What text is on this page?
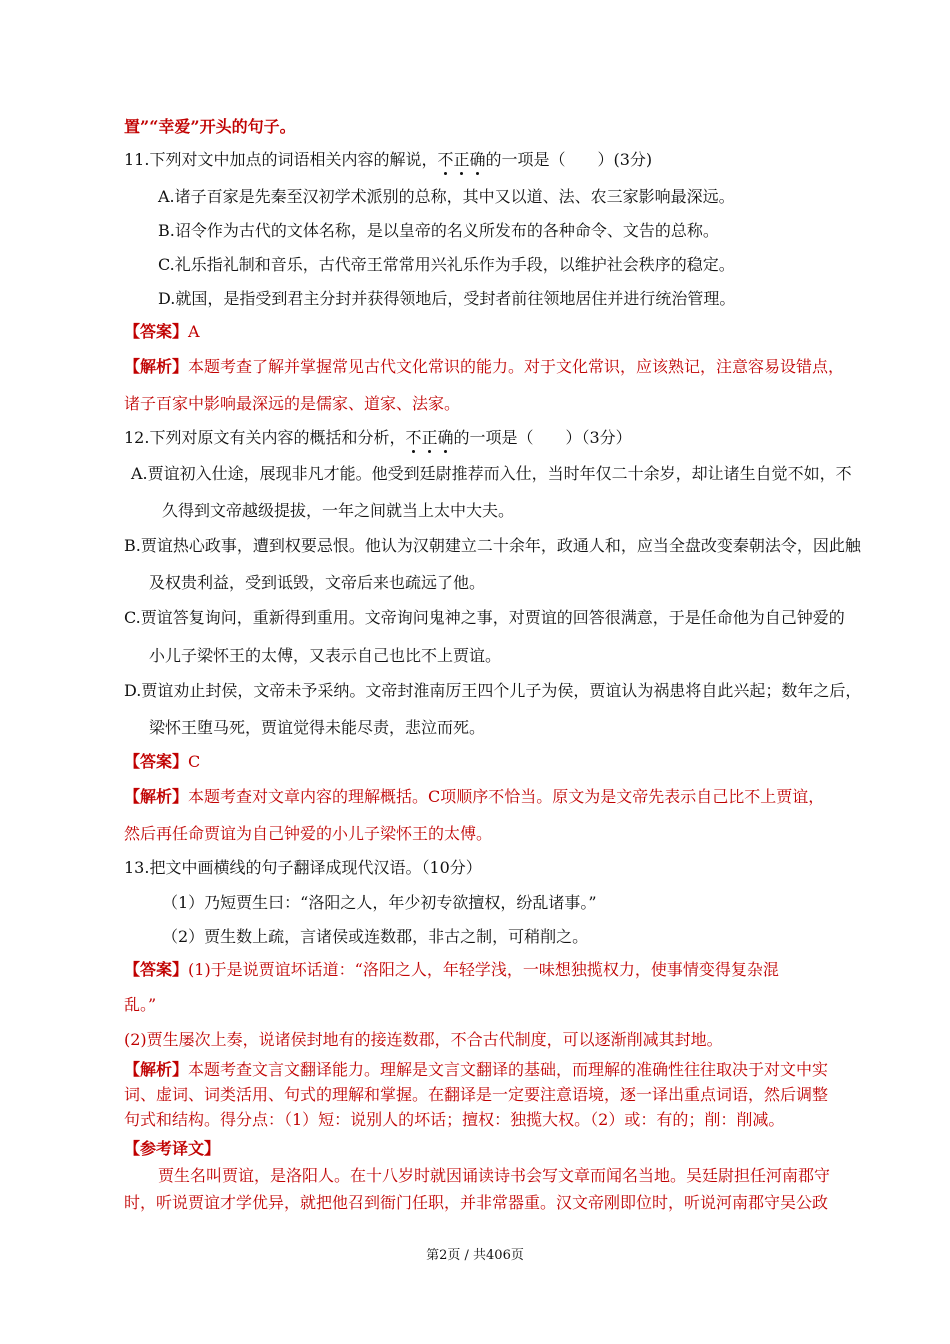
置”“幸爱”开头的句子。
11.下列对文中加点的词语相关内容的解说，不正确的一项是（　　）(3分)
A.诸子百家是先秦至汉初学术派别的总称，其中又以道、法、农三家影响最深远。
B.诏令作为古代的文体名称，是以皇帝的名义所发布的各种命令、文告的总称。
C.礼乐指礼制和音乐，古代帝王常常用兴礼乐作为手段，以维护社会秩序的稳定。
D.就国，是指受到君主分封并获得领地后，受封者前往领地居住并进行统治管理。
【答案】A
【解析】本题考查了解并掌握常见古代文化常识的能力。对于文化常识，应该熟记，注意容易设错点，
诸子百家中影响最深远的是儒家、道家、法家。
12.下列对原文有关内容的概括和分析，不正确的一项是（　　）（3分）
A.贾谊初入仕途，展现非凡才能。他受到廷尉推荐而入仕，当时年仅二十余岁，却让诸生自觉不如，不
久得到文帝越级提拔，一年之间就当上太中大夫。
B.贾谊热心政事，遭到权要忌恨。他认为汉朝建立二十余年，政通人和，应当全盘改变秦朝法令，因此触
及权贵利益，受到诋毁，文帝后来也疏远了他。
C.贾谊答复询问，重新得到重用。文帝询问鬼神之事，对贾谊的回答很满意，于是任命他为自己钟爱的
小儿子梁怀王的太傅，又表示自己也比不上贾谊。
D.贾谊劝止封侯，文帝未予采纳。文帝封淮南厉王四个儿子为侯，贾谊认为祸患将自此兴起；数年之后，
梁怀王堕马死，贾谊觉得未能尽责，悲泣而死。
【答案】C
【解析】本题考查对文章内容的理解概括。C项顺序不恰当。原文为是文帝先表示自己比不上贾谊，
然后再任命贾谊为自己钟爱的小儿子梁怀王的太傅。
13.把文中画横线的句子翻译成现代汉语。（10分）
（1）乃短贾生曰：“洛阳之人，年少初专欲擅权，纷乱诸事。”
（2）贾生数上疏，言诸侯或连数郡，非古之制，可稍削之。
【答案】(1)于是说贾谊坏话道：“洛阳之人，年轻学浅，一味想独揽权力，使事情变得复杂混
乱。”
(2)贾生屡次上奏，说诸侯封地有的接连数郡，不合古代制度，可以逐渐削减其封地。
【解析】本题考查文言文翻译能力。理解是文言文翻译的基础，而理解的准确性往往取决于对文中实
词、虚词、词类活用、句式的理解和掌握。在翻译是一定要注意语境，逐一译出重点词语，然后调整
句式和结构。得分点：（1）短：说别人的坏话；擅权：独揽大权。（2）或：有的；削：削减。
【参考译文】
贾生名叫贾谊，是洛阳人。在十八岁时就因诵读诗书会写文章而闻名当地。吴廷尉担任河南郡守
时，听说贾谊才学优异，就把他召到衙门任职，并非常器重。汉文帝刚即位时，听说河南郡守吴公政
第2页 / 共406页
